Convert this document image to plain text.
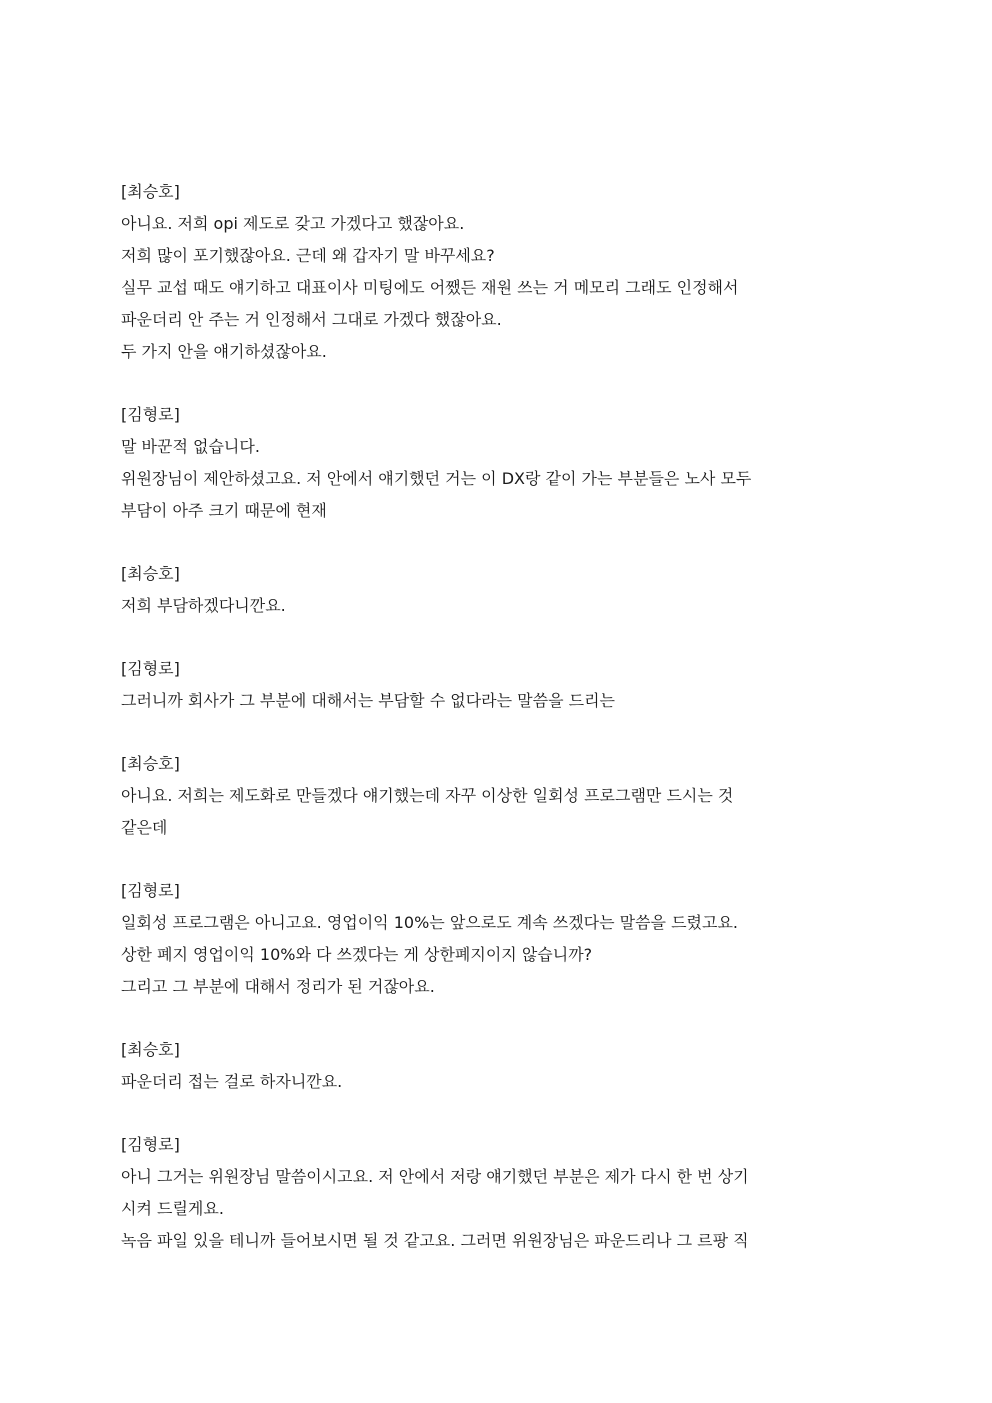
[최승호]
아니요. 저희 opi 제도로 갖고 가겠다고 했잖아요.
저희 많이 포기했잖아요. 근데 왜 갑자기 말 바꾸세요?
실무 교섭 때도 얘기하고 대표이사 미팅에도 어쨌든 재원 쓰는 거 메모리 그래도 인정해서
파운더리 안 주는 거 인정해서 그대로 가겠다 했잖아요.
두 가지 안을 얘기하셨잖아요.
[김형로]
말 바꾼적 없습니다.
위원장님이 제안하셨고요. 저 안에서 얘기했던 거는 이 DX랑 같이 가는 부분들은 노사 모두
부담이 아주 크기 때문에 현재
[최승호]
저희 부담하겠다니깐요.
[김형로]
그러니까 회사가 그 부분에 대해서는 부담할 수 없다라는 말씀을 드리는
[최승호]
아니요. 저희는 제도화로 만들겠다 얘기했는데 자꾸 이상한 일회성 프로그램만 드시는 것
같은데
[김형로]
일회성 프로그램은 아니고요. 영업이익 10%는 앞으로도 계속 쓰겠다는 말씀을 드렸고요.
상한 폐지 영업이익 10%와 다 쓰겠다는 게 상한폐지이지 않습니까?
그리고 그 부분에 대해서 정리가 된 거잖아요.
[최승호]
파운더리 접는 걸로 하자니깐요.
[김형로]
아니 그거는 위원장님 말씀이시고요. 저 안에서 저랑 얘기했던 부분은 제가 다시 한 번 상기
시켜 드릴게요.
녹음 파일 있을 테니까 들어보시면 될 것 같고요. 그러면 위원장님은 파운드리나 그 르팡 직
